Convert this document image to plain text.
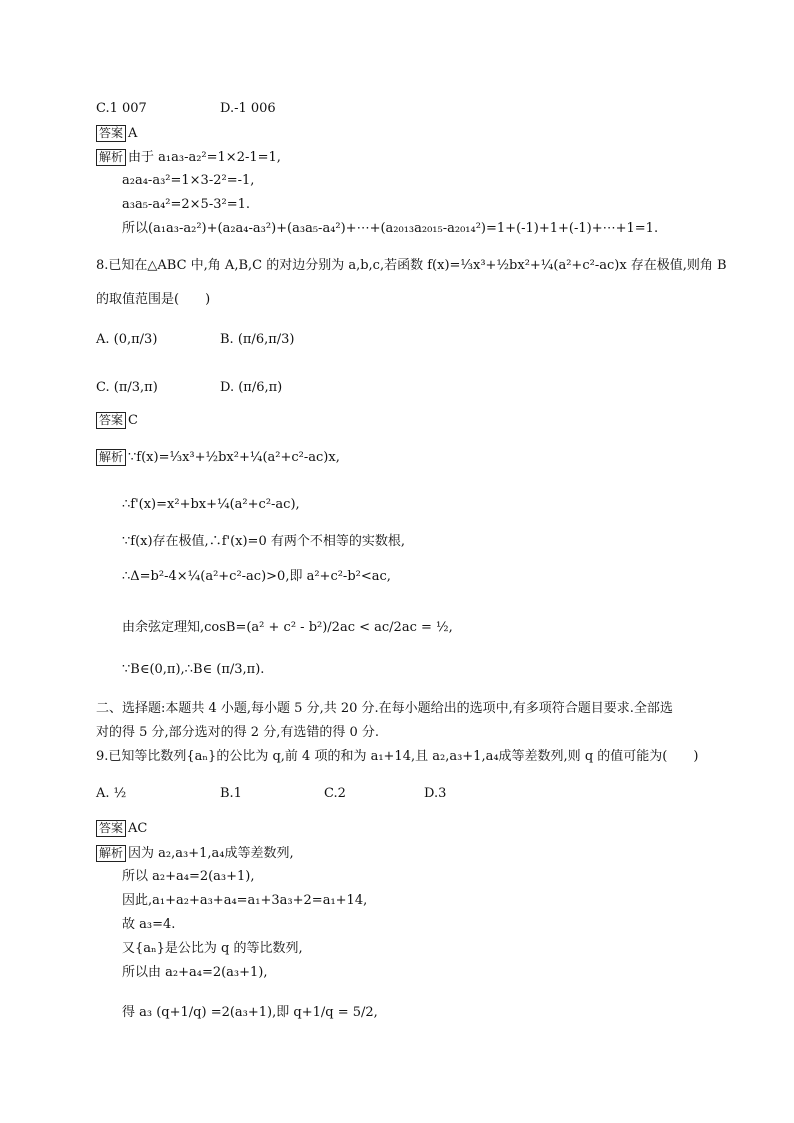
C.1 007	D.-1 006
答案 A
解析 由于 a₁a₃-a₂²=1×2-1=1,
a₂a₄-a₃²=1×3-2²=-1,
a₃a₅-a₄²=2×5-3²=1.
所以(a₁a₃-a₂²)+(a₂a₄-a₃²)+(a₃a₅-a₄²)+⋯+(a₂₀₁₃a₂₀₁₅-a₂₀₁₄²)=1+(-1)+1+(-1)+⋯+1=1.
8.已知在△ABC 中,角 A,B,C 的对边分别为 a,b,c,若函数 f(x)=⅓x³+½bx²+¼(a²+c²-ac)x 存在极值,则角 B
的取值范围是(　　)
A. (0,π/3)	B. (π/6,π/3)
C. (π/3,π)	D. (π/6,π)
答案 C
解析 ∵f(x)=⅓x³+½bx²+¼(a²+c²-ac)x,
∴f'(x)=x²+bx+¼(a²+c²-ac),
∵f(x)存在极值,∴f'(x)=0 有两个不相等的实数根,
∴Δ=b²-4×¼(a²+c²-ac)>0,即 a²+c²-b²<ac,
由余弦定理知,cosB=(a² + c² - b²)/2ac < ac/2ac = ½,
∵B∈(0,π),∴B∈ (π/3,π).
二、选择题:本题共 4 小题,每小题 5 分,共 20 分.在每小题给出的选项中,有多项符合题目要求.全部选
对的得 5 分,部分选对的得 2 分,有选错的得 0 分.
9.已知等比数列{aₙ}的公比为 q,前 4 项的和为 a₁+14,且 a₂,a₃+1,a₄成等差数列,则 q 的值可能为(　　)
A. ½	B.1	C.2	D.3
答案 AC
解析 因为 a₂,a₃+1,a₄成等差数列,
所以 a₂+a₄=2(a₃+1),
因此,a₁+a₂+a₃+a₄=a₁+3a₃+2=a₁+14,
故 a₃=4.
又{aₙ}是公比为 q 的等比数列,
所以由 a₂+a₄=2(a₃+1),
得 a₃ (q+1/q) =2(a₃+1),即 q+1/q = 5/2,
